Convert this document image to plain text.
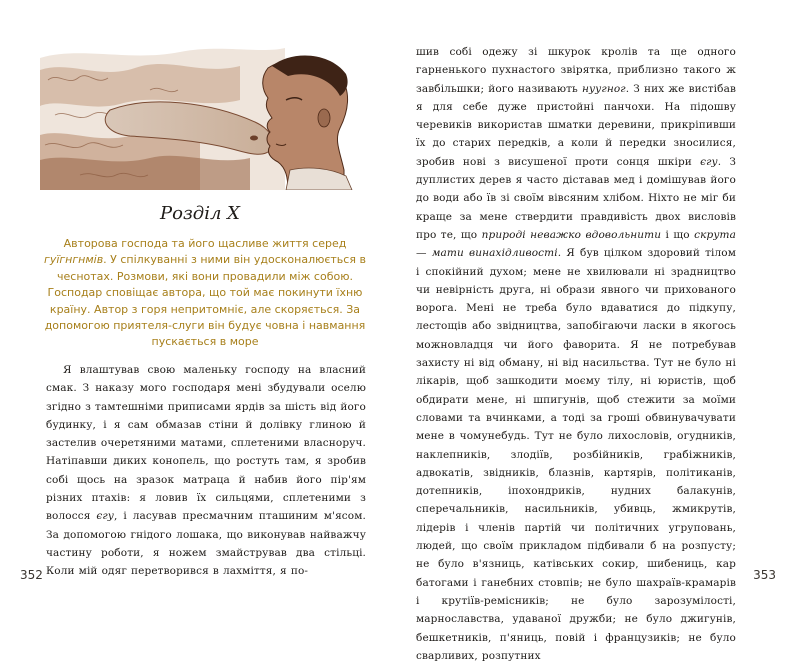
Розділ X
Авторова господа та його щасливе життя серед гуїгнгнмів. У спілкуванні з ними він удосконалюється в чеснотах. Розмови, які вони провадили між собою. Господар сповіщає автора, що той має покинути їхню країну. Автор з горя непритомніє, але скоряється. За допомогою приятеля-слуги він будує човна і навмання пускається в море

Я влаштував свою маленьку господу на власний смак. З наказу мого господаря мені збудували оселю згідно з тамтешніми приписами ярдів за шість від його будинку, і я сам обмазав стіни й долівку глиною й застелив очеретяними матами, сплетеними власноруч. Натіпавши диких конопель, що ростуть там, я зробив собі щось на зразок матраца й набив його пір'ям різних птахів: я ловив їх сильцями, сплетеними з волосся єгу, і ласував пресмачним пташиним м'ясом. За допомогою гнідого лошака, що виконував найважчу частину роботи, я ножем змайстрував два стільці. Коли мій одяг перетворився в лахміття, я по-

352

шив собі одежу зі шкурок кролів та ще одного гарненького пухнастого звірятка, приблизно такого ж завбільшки; його називають нуугног. З них же вистібав я для себе дуже пристойні панчохи. На підошву черевиків використав шматки деревини, прикріпивши їх до старих передків, а коли й передки зносилися, зробив нові з висушеної проти сонця шкіри єгу. З дуплистих дерев я часто діставав мед і домішував його до води або їв зі своїм вівсяним хлібом. Ніхто не міг би краще за мене ствердити правдивість двох висловів про те, що природі неважко вдовольнити і що скрута — мати винахідливості. Я був цілком здоровий тілом і спокійний духом; мене не хвилювали ні зрадництво чи невірність друга, ні образи явного чи прихованого ворога. Мені не треба було вдаватися до підкупу, лестощів або звідництва, запобігаючи ласки в якогось можновладця чи його фаворита. Я не потребував захисту ні від обману, ні від насильства. Тут не було ні лікарів, щоб зашкодити моєму тілу, ні юристів, щоб обдирати мене, ні шпигунів, щоб стежити за моїми словами та вчинками, а тоді за гроші обвинувачувати мене в чомунебудь. Тут не було лихословів, огудників, наклепників, злодіїв, розбійників, грабіжників, адвокатів, звідників, блазнів, картярів, політиканів, дотепників, іпохондриків, нудних балакунів, сперечальників, насильників, убивць, жмикрутів, лідерів і членів партій чи політичних угруповань, людей, що своїм прикладом підбивали б на розпусту; не було в'язниць, катівських сокир, шибениць, кар батогами і ганебних стовпів; не було шахраїв-крамарів і крутіїв-ремісників; не було зарозумілості, марнославства, удаваної дружби; не було джигунів, бешкетників, п'яниць, повій і французиків; не було сварливих, розпутних

353
